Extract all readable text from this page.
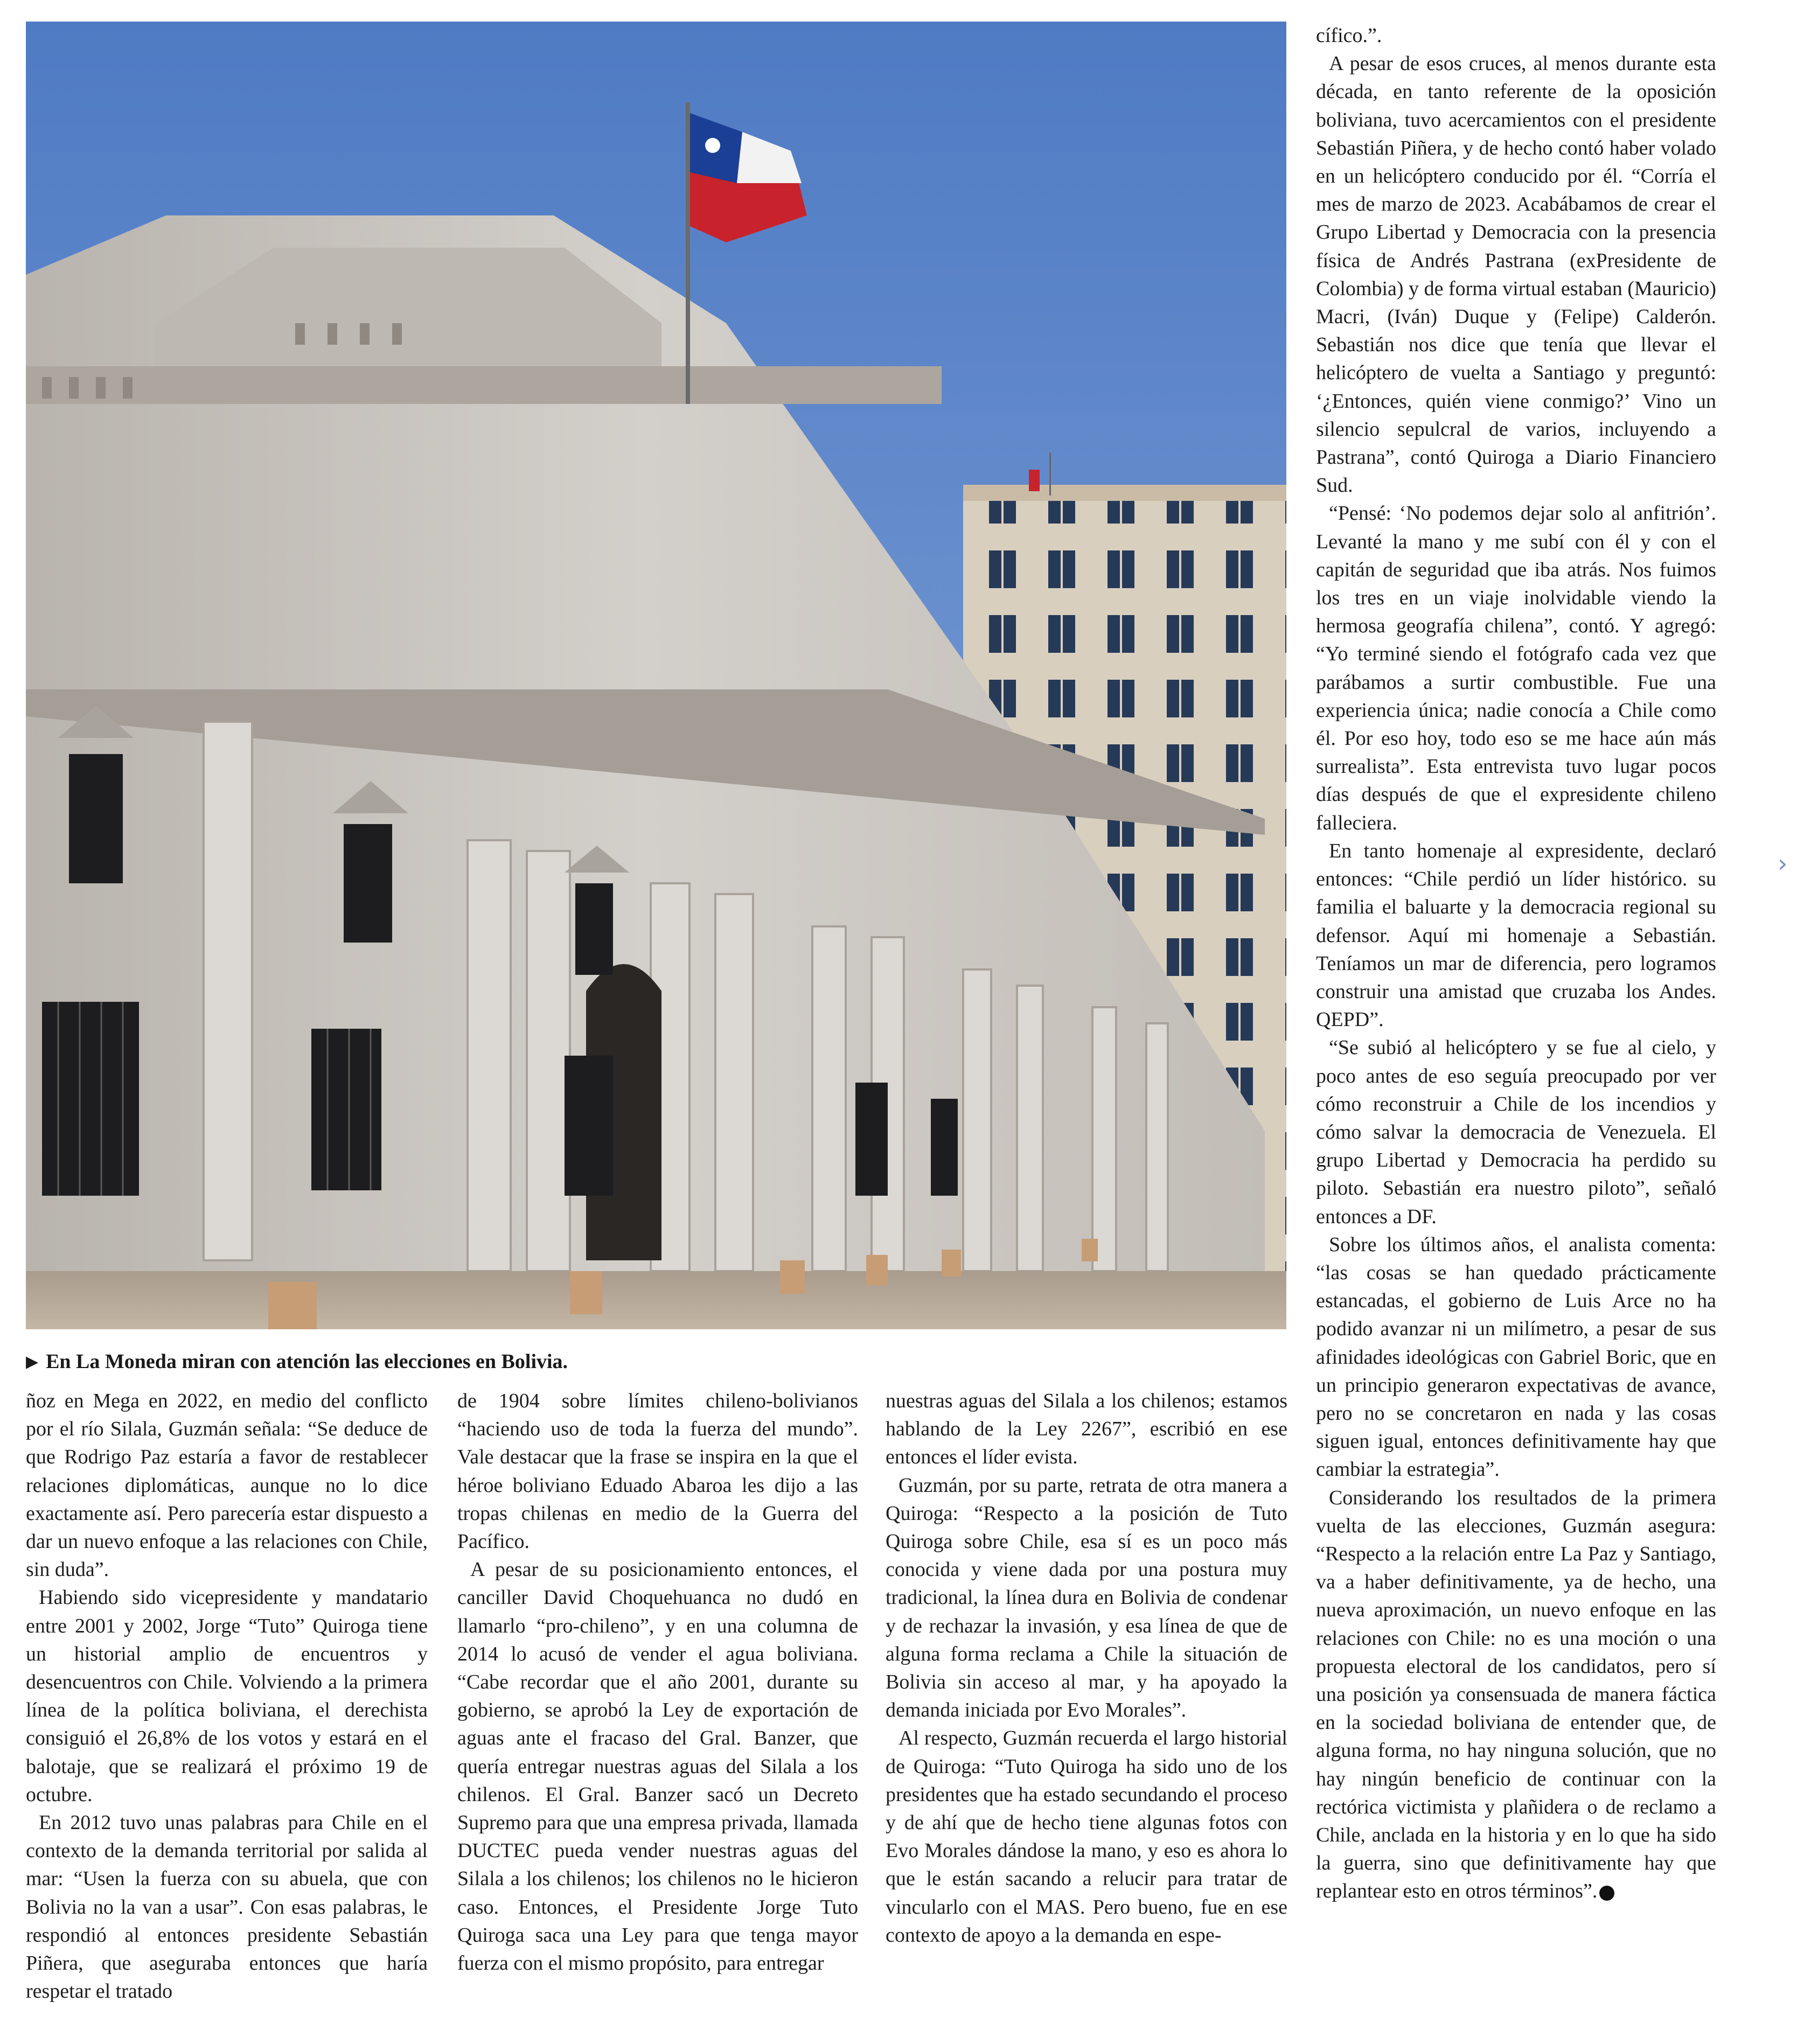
▶ En La Moneda miran con atención las elecciones en Bolivia.

ñoz en Mega en 2022, en medio del conflicto por el río Silala, Guzmán señala: “Se deduce de que Rodrigo Paz estaría a favor de restablecer relaciones diplomáticas, aunque no lo dice exactamente así. Pero parecería estar dispuesto a dar un nuevo enfoque a las relaciones con Chile, sin duda”.

Habiendo sido vicepresidente y mandatario entre 2001 y 2002, Jorge “Tuto” Quiroga tiene un historial amplio de encuentros y desencuentros con Chile. Volviendo a la primera línea de la política boliviana, el derechista consiguió el 26,8% de los votos y estará en el balotaje, que se realizará el próximo 19 de octubre.

En 2012 tuvo unas palabras para Chile en el contexto de la demanda territorial por salida al mar: “Usen la fuerza con su abuela, que con Bolivia no la van a usar”. Con esas palabras, le respondió al entonces presidente Sebastián Piñera, que aseguraba entonces que haría respetar el tratado

de 1904 sobre límites chileno-bolivianos “haciendo uso de toda la fuerza del mundo”. Vale destacar que la frase se inspira en la que el héroe boliviano Eduado Abaroa les dijo a las tropas chilenas en medio de la Guerra del Pacífico.

A pesar de su posicionamiento entonces, el canciller David Choquehuanca no dudó en llamarlo “pro-chileno”, y en una columna de 2014 lo acusó de vender el agua boliviana. “Cabe recordar que el año 2001, durante su gobierno, se aprobó la Ley de exportación de aguas ante el fracaso del Gral. Banzer, que quería entregar nuestras aguas del Silala a los chilenos. El Gral. Banzer sacó un Decreto Supremo para que una empresa privada, llamada DUCTEC pueda vender nuestras aguas del Silala a los chilenos; los chilenos no le hicieron caso. Entonces, el Presidente Jorge Tuto Quiroga saca una Ley para que tenga mayor fuerza con el mismo propósito, para entregar

nuestras aguas del Silala a los chilenos; estamos hablando de la Ley 2267”, escribió en ese entonces el líder evista.

Guzmán, por su parte, retrata de otra manera a Quiroga: “Respecto a la posición de Tuto Quiroga sobre Chile, esa sí es un poco más conocida y viene dada por una postura muy tradicional, la línea dura en Bolivia de condenar y de rechazar la invasión, y esa línea de que de alguna forma reclama a Chile la situación de Bolivia sin acceso al mar, y ha apoyado la demanda iniciada por Evo Morales”.

Al respecto, Guzmán recuerda el largo historial de Quiroga: “Tuto Quiroga ha sido uno de los presidentes que ha estado secundando el proceso y de ahí que de hecho tiene algunas fotos con Evo Morales dándose la mano, y eso es ahora lo que le están sacando a relucir para tratar de vincularlo con el MAS. Pero bueno, fue en ese contexto de apoyo a la demanda en espe-

cífico.”.

A pesar de esos cruces, al menos durante esta década, en tanto referente de la oposición boliviana, tuvo acercamientos con el presidente Sebastián Piñera, y de hecho contó haber volado en un helicóptero conducido por él. “Corría el mes de marzo de 2023. Acabábamos de crear el Grupo Libertad y Democracia con la presencia física de Andrés Pastrana (exPresidente de Colombia) y de forma virtual estaban (Mauricio) Macri, (Iván) Duque y (Felipe) Calderón. Sebastián nos dice que tenía que llevar el helicóptero de vuelta a Santiago y preguntó: ‘¿Entonces, quién viene conmigo?’ Vino un silencio sepulcral de varios, incluyendo a Pastrana”, contó Quiroga a Diario Financiero Sud.

“Pensé: ‘No podemos dejar solo al anfitrión’. Levanté la mano y me subí con él y con el capitán de seguridad que iba atrás. Nos fuimos los tres en un viaje inolvidable viendo la hermosa geografía chilena”, contó. Y agregó: “Yo terminé siendo el fotógrafo cada vez que parábamos a surtir combustible. Fue una experiencia única; nadie conocía a Chile como él. Por eso hoy, todo eso se me hace aún más surrealista”. Esta entrevista tuvo lugar pocos días después de que el expresidente chileno falleciera.

En tanto homenaje al expresidente, declaró entonces: “Chile perdió un líder histórico. su familia el baluarte y la democracia regional su defensor. Aquí mi homenaje a Sebastián. Teníamos un mar de diferencia, pero logramos construir una amistad que cruzaba los Andes. QEPD”.

“Se subió al helicóptero y se fue al cielo, y poco antes de eso seguía preocupado por ver cómo reconstruir a Chile de los incendios y cómo salvar la democracia de Venezuela. El grupo Libertad y Democracia ha perdido su piloto. Sebastián era nuestro piloto”, señaló entonces a DF.

Sobre los últimos años, el analista comenta: “las cosas se han quedado prácticamente estancadas, el gobierno de Luis Arce no ha podido avanzar ni un milímetro, a pesar de sus afinidades ideológicas con Gabriel Boric, que en un principio generaron expectativas de avance, pero no se concretaron en nada y las cosas siguen igual, entonces definitivamente hay que cambiar la estrategia”.

Considerando los resultados de la primera vuelta de las elecciones, Guzmán asegura: “Respecto a la relación entre La Paz y Santiago, va a haber definitivamente, ya de hecho, una nueva aproximación, un nuevo enfoque en las relaciones con Chile: no es una moción o una propuesta electoral de los candidatos, pero sí una posición ya consensuada de manera fáctica en la sociedad boliviana de entender que, de alguna forma, no hay ninguna solución, que no hay ningún beneficio de continuar con la rectórica victimista y plañidera o de reclamo a Chile, anclada en la historia y en lo que ha sido la guerra, sino que definitivamente hay que replantear esto en otros términos”.

›
